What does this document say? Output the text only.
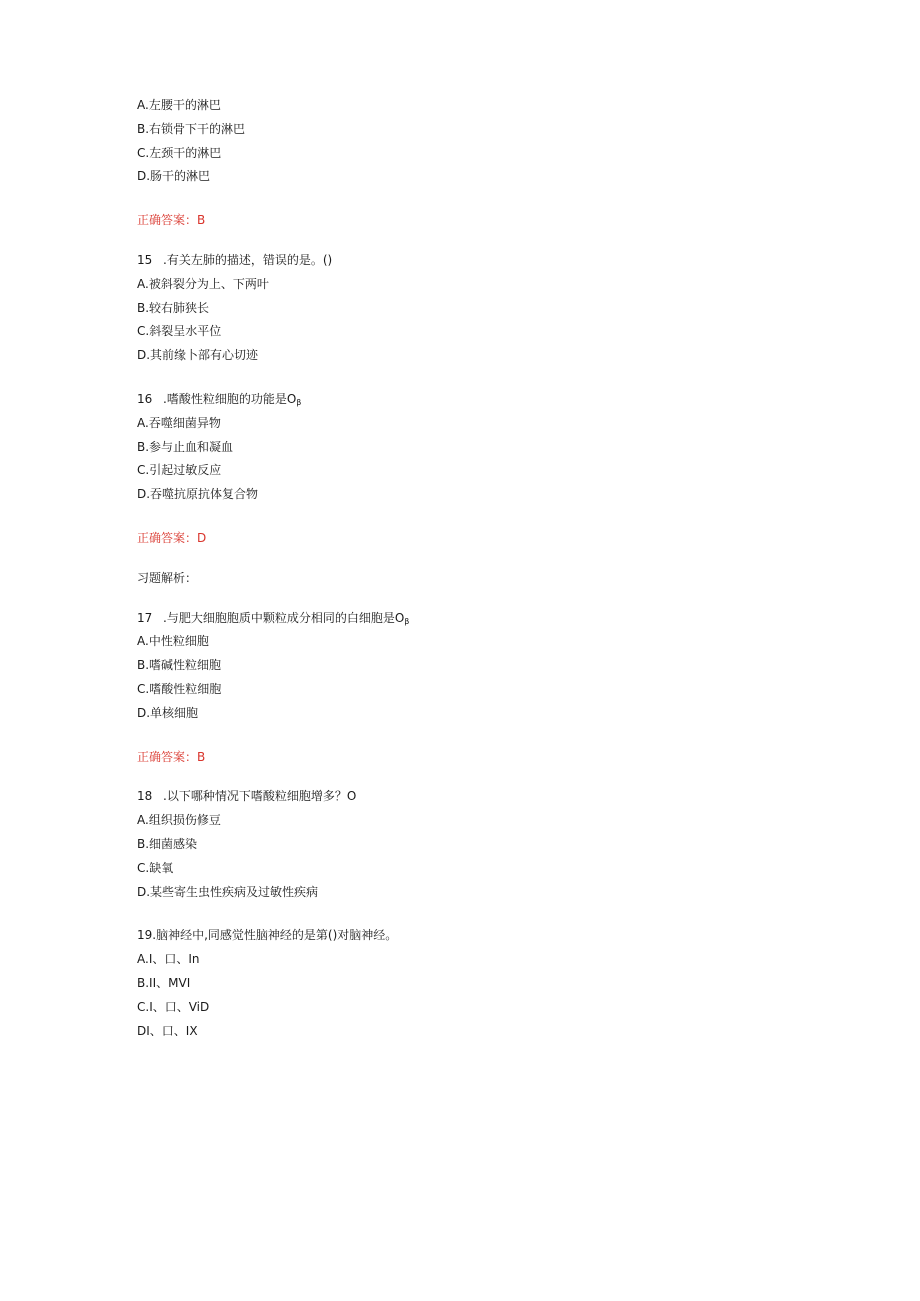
A.左腰干的淋巴
B.右锁骨下干的淋巴
C.左颈干的淋巴
D.肠干的淋巴
正确答案：B
15 .有关左肺的描述，错误的是。()
A.被斜裂分为上、下两叶
B.较右肺狭长
C.斜裂呈水平位
D.其前缘卜部有心切迹
16 .嗜酸性粒细胞的功能是$O_\beta$
A.吞噬细菌异物
B.参与止血和凝血
C.引起过敏反应
D.吞噬抗原抗体复合物
正确答案：D
习题解析：
17 .与肥大细胞胞质中颗粒成分相同的白细胞是$O_\beta$
A.中性粒细胞
B.嗜碱性粒细胞
C.嗜酸性粒细胞
D.单核细胞
正确答案：B
18 .以下哪种情况下嗜酸粒细胞增多？O
A.组织损伤修豆
B.细菌感染
C.缺氧
D.某些寄生虫性疾病及过敏性疾病
19.脑神经中,同感觉性脑神经的是第()对脑神经。
A.I、口、In
B.II、MVI
C.I、口、ViD
DI、口、IX
